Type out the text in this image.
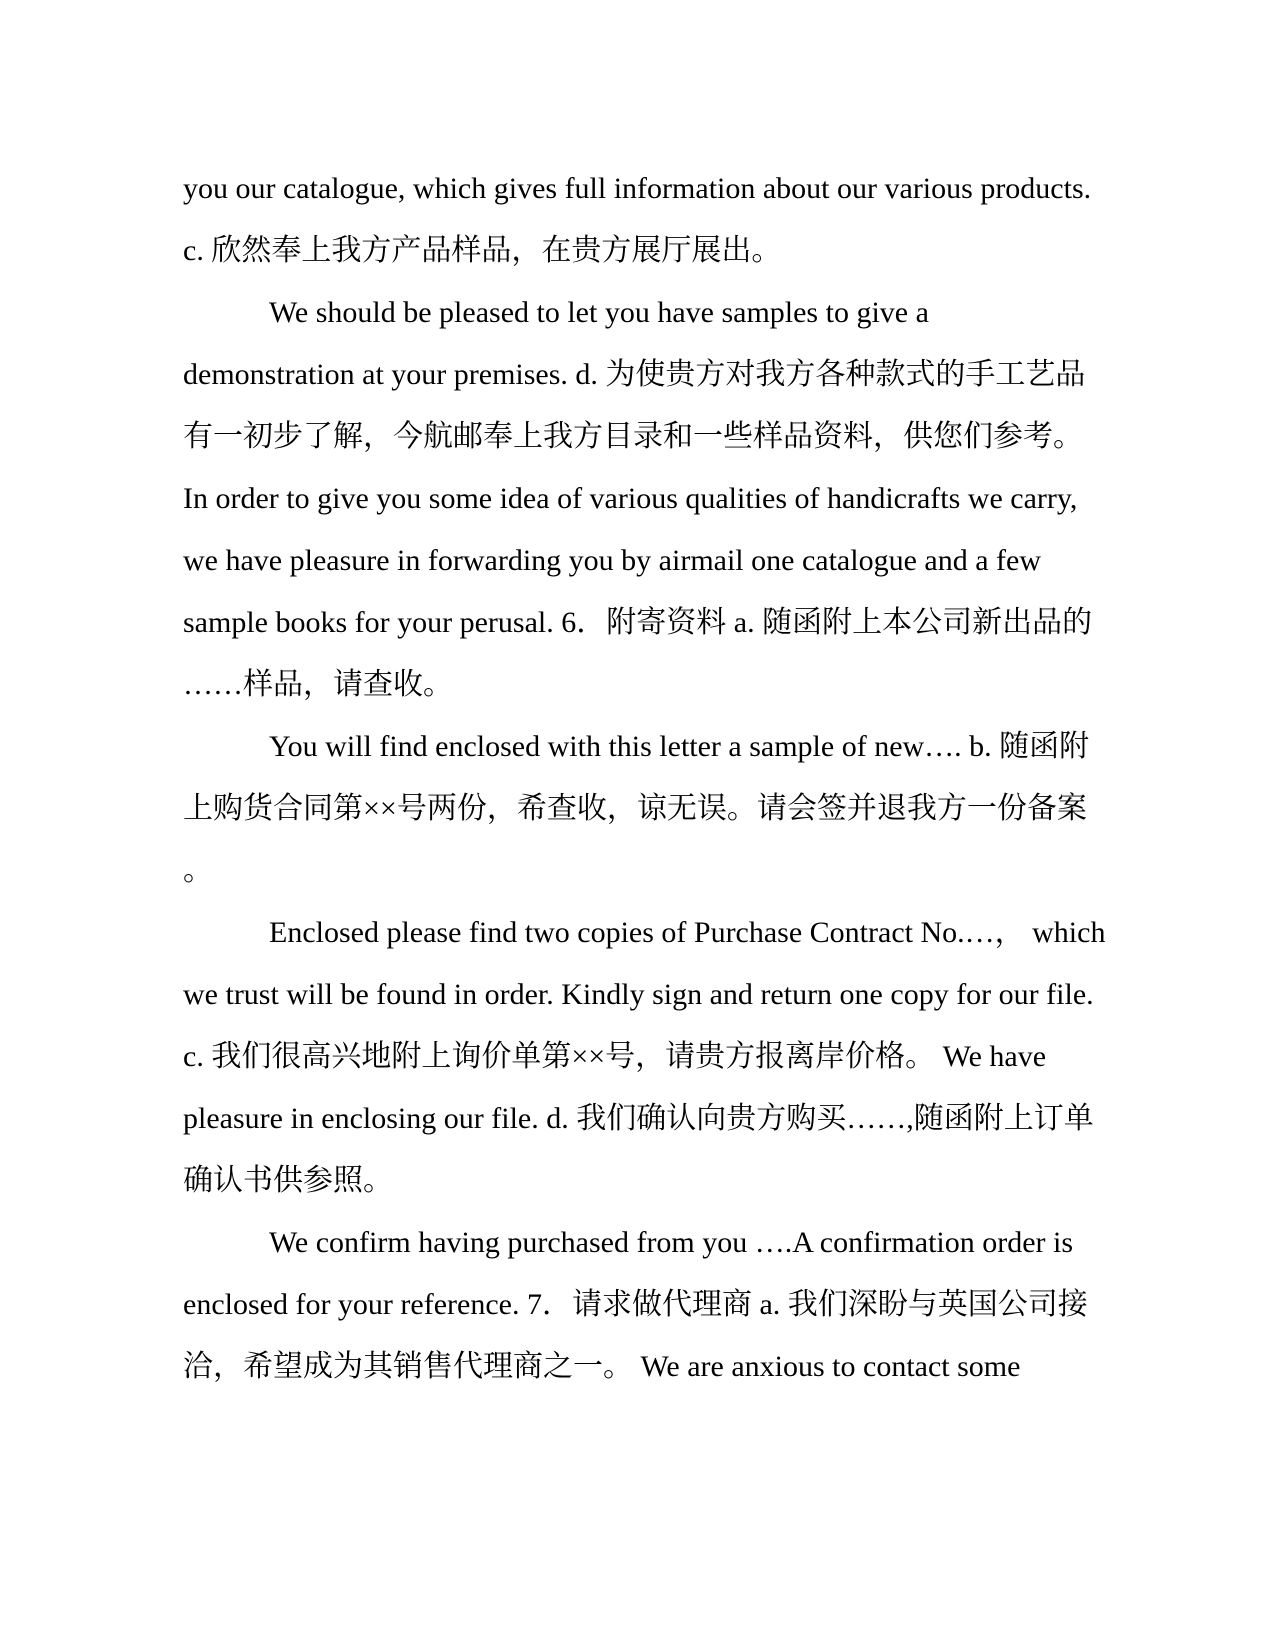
you our catalogue, which gives full information about our various products.
c. 欣然奉上我方产品样品，在贵方展厅展出。
We should be pleased to let you have samples to give a
demonstration at your premises. d. 为使贵方对我方各种款式的手工艺品
有一初步了解，今航邮奉上我方目录和一些样品资料，供您们参考。
In order to give you some idea of various qualities of handicrafts we carry,
we have pleasure in forwarding you by airmail one catalogue and a few
sample books for your perusal. 6．附寄资料 a. 随函附上本公司新出品的
……样品，请查收。
You will find enclosed with this letter a sample of new…. b. 随函附
上购货合同第××号两份，希查收，谅无误。请会签并退我方一份备案
。
Enclosed please find two copies of Purchase Contract No.…， which
we trust will be found in order. Kindly sign and return one copy for our file.
c. 我们很高兴地附上询价单第××号，请贵方报离岸价格。 We have
pleasure in enclosing our file. d. 我们确认向贵方购买……,随函附上订单
确认书供参照。
We confirm having purchased from you ….A confirmation order is
enclosed for your reference. 7．请求做代理商 a. 我们深盼与英国公司接
洽，希望成为其销售代理商之一。 We are anxious to contact some
